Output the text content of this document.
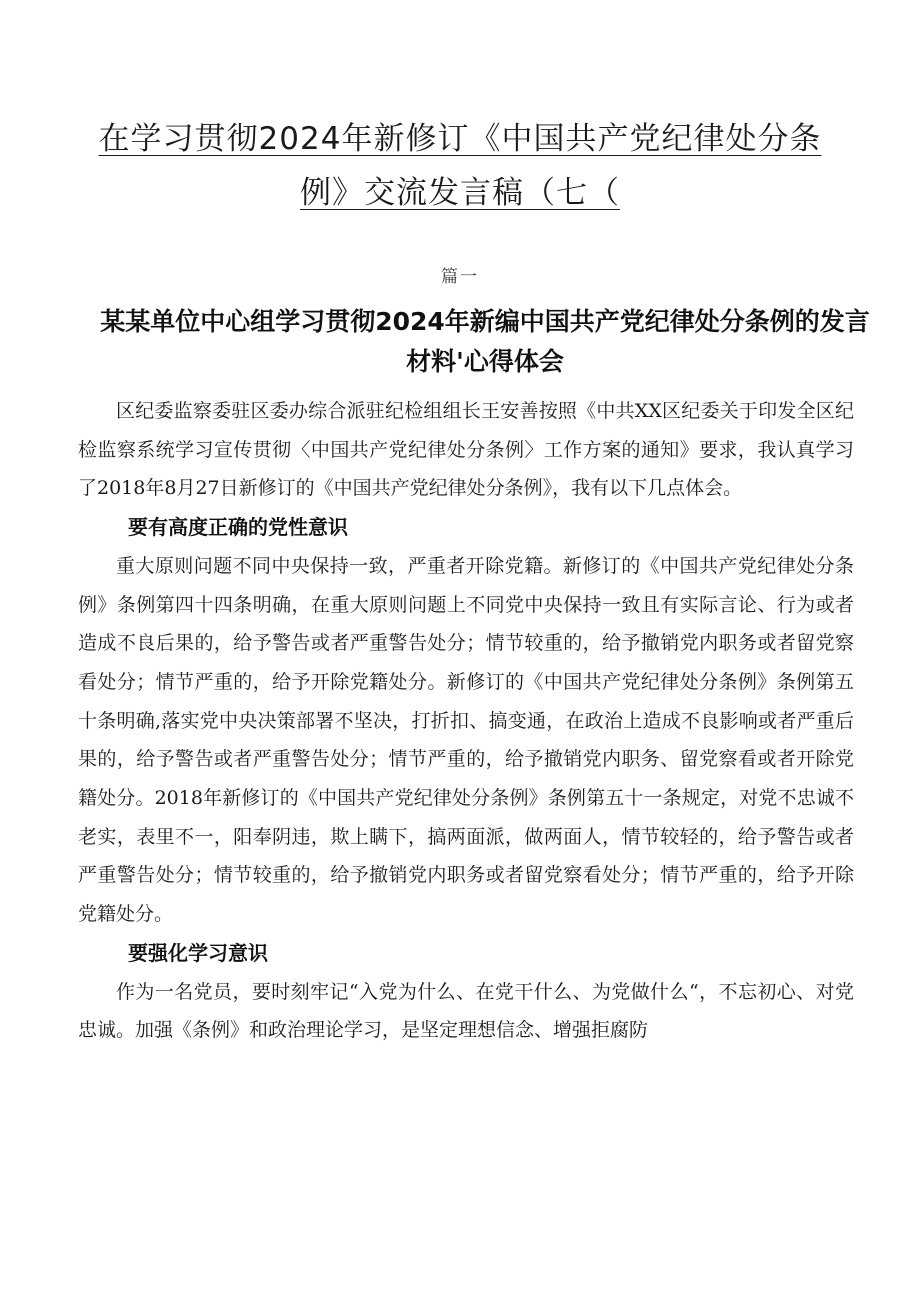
在学习贯彻2024年新修订《中国共产党纪律处分条例》交流发言稿（七（
篇一
某某单位中心组学习贯彻2024年新编中国共产党纪律处分条例的发言材料'心得体会

区纪委监察委驻区委办综合派驻纪检组组长王安善按照《中共XX区纪委关于印发全区纪检监察系统学习宣传贯彻〈中国共产党纪律处分条例〉工作方案的通知》要求，我认真学习了2018年8月27日新修订的《中国共产党纪律处分条例》，我有以下几点体会。

要有高度正确的党性意识

重大原则问题不同中央保持一致，严重者开除党籍。新修订的《中国共产党纪律处分条例》条例第四十四条明确，在重大原则问题上不同党中央保持一致且有实际言论、行为或者造成不良后果的，给予警告或者严重警告处分；情节较重的，给予撤销党内职务或者留党察看处分；情节严重的，给予开除党籍处分。新修订的《中国共产党纪律处分条例》条例第五十条明确,落实党中央决策部署不坚决，打折扣、搞变通，在政治上造成不良影响或者严重后果的，给予警告或者严重警告处分；情节严重的，给予撤销党内职务、留党察看或者开除党籍处分。2018年新修订的《中国共产党纪律处分条例》条例第五十一条规定，对党不忠诚不老实，表里不一，阳奉阴违，欺上瞒下，搞两面派，做两面人，情节较轻的，给予警告或者严重警告处分；情节较重的，给予撤销党内职务或者留党察看处分；情节严重的，给予开除党籍处分。

要强化学习意识

作为一名党员，要时刻牢记“入党为什么、在党干什么、为党做什么“，不忘初心、对党忠诚。加强《条例》和政治理论学习，是坚定理想信念、增强拒腐防
